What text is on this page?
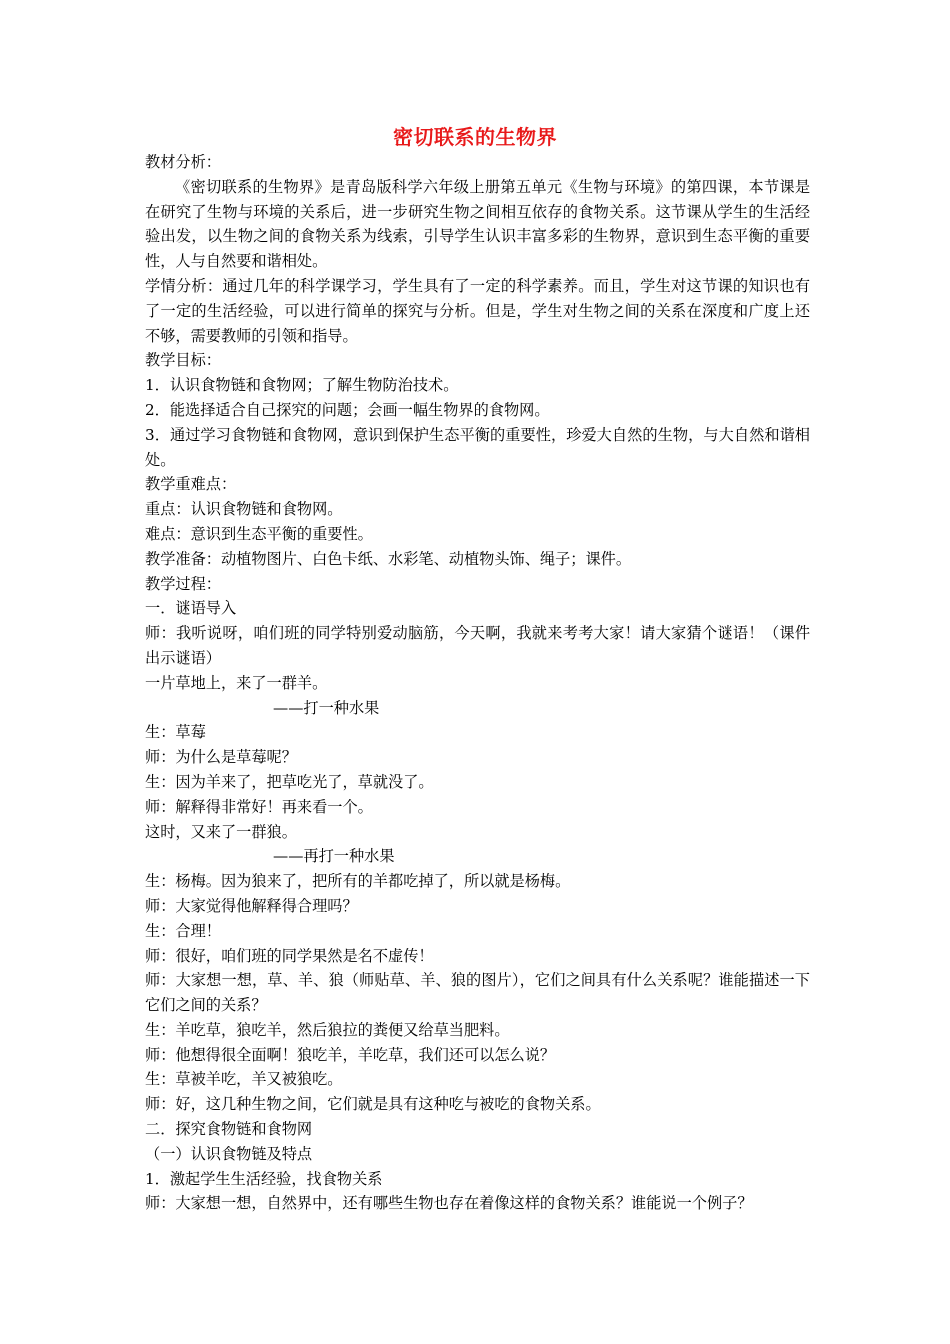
密切联系的生物界

教材分析：

《密切联系的生物界》是青岛版科学六年级上册第五单元《生物与环境》的第四课，本节课是在研究了生物与环境的关系后，进一步研究生物之间相互依存的食物关系。这节课从学生的生活经验出发，以生物之间的食物关系为线索，引导学生认识丰富多彩的生物界，意识到生态平衡的重要性，人与自然要和谐相处。

学情分析：通过几年的科学课学习，学生具有了一定的科学素养。而且，学生对这节课的知识也有了一定的生活经验，可以进行简单的探究与分析。但是，学生对生物之间的关系在深度和广度上还不够，需要教师的引领和指导。

教学目标：

1．认识食物链和食物网；了解生物防治技术。

2．能选择适合自己探究的问题；会画一幅生物界的食物网。

3．通过学习食物链和食物网，意识到保护生态平衡的重要性，珍爱大自然的生物，与大自然和谐相处。

教学重难点：

重点：认识食物链和食物网。

难点：意识到生态平衡的重要性。

教学准备：动植物图片、白色卡纸、水彩笔、动植物头饰、绳子；课件。

教学过程：

一．谜语导入

师：我听说呀，咱们班的同学特别爱动脑筋，今天啊，我就来考考大家！请大家猜个谜语！（课件出示谜语）

一片草地上，来了一群羊。

——打一种水果

生：草莓

师：为什么是草莓呢？

生：因为羊来了，把草吃光了，草就没了。

师：解释得非常好！再来看一个。

这时，又来了一群狼。

——再打一种水果

生：杨梅。因为狼来了，把所有的羊都吃掉了，所以就是杨梅。

师：大家觉得他解释得合理吗？

生：合理！

师：很好，咱们班的同学果然是名不虚传！

师：大家想一想，草、羊、狼（师贴草、羊、狼的图片），它们之间具有什么关系呢？谁能描述一下它们之间的关系？

生：羊吃草，狼吃羊，然后狼拉的粪便又给草当肥料。

师：他想得很全面啊！狼吃羊，羊吃草，我们还可以怎么说？

生：草被羊吃，羊又被狼吃。

师：好，这几种生物之间，它们就是具有这种吃与被吃的食物关系。

二．探究食物链和食物网

（一）认识食物链及特点

1．激起学生生活经验，找食物关系

师：大家想一想，自然界中，还有哪些生物也存在着像这样的食物关系？谁能说一个例子？
